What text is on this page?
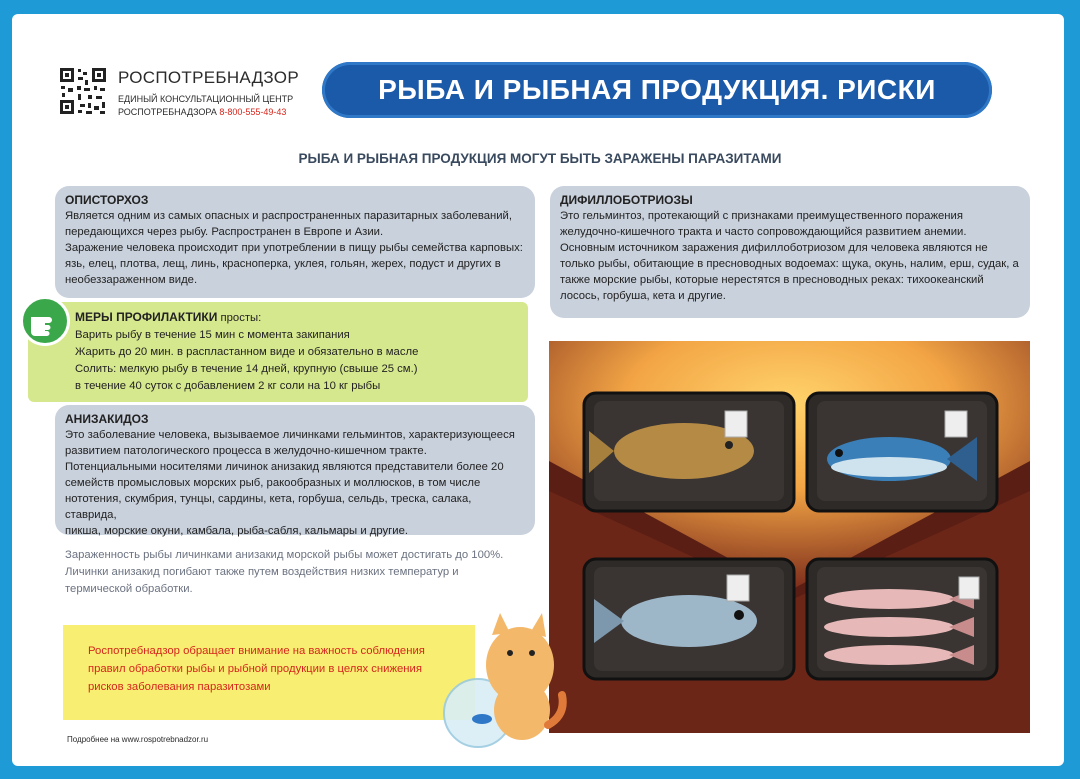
РОСПОТРЕБНАДЗОР
ЕДИНЫЙ КОНСУЛЬТАЦИОННЫЙ ЦЕНТР
РОСПОТРЕБНАДЗОРА 8-800-555-49-43
РЫБА И РЫБНАЯ ПРОДУКЦИЯ. РИСКИ
РЫБА И РЫБНАЯ ПРОДУКЦИЯ МОГУТ БЫТЬ ЗАРАЖЕНЫ ПАРАЗИТАМИ
ОПИСТОРХОЗ

Является одним из самых опасных и распространенных паразитарных заболеваний,

передающихся через рыбу. Распространен в Европе и Азии.

Заражение человека происходит при употреблении в пищу рыбы семейства карповых:

язь, елец, плотва, лещ, линь, красноперка, уклея, гольян, жерех, подуст и других в

необеззараженном виде.

МЕРЫ ПРОФИЛАКТИКИ просты:
Варить рыбу в течение 15 мин с момента закипания
Жарить до 20 мин. в распластанном виде и обязательно в масле
Солить: мелкую рыбу в течение 14 дней, крупную (свыше 25 см.)
в течение 40 суток с добавлением 2 кг соли на 10 кг рыбы
АНИЗАКИДОЗ

Это заболевание человека, вызываемое личинками гельминтов, характеризующееся

развитием патологического процесса в желудочно-кишечном тракте.

Потенциальными носителями личинок анизакид являются представители более 20

семейств промысловых морских рыб, ракообразных и моллюсков, в том числе

нототения, скумбрия, тунцы, сардины, кета, горбуша, сельдь, треска, салака, ставрида,

пикша, морские окуни, камбала, рыба-сабля, кальмары и другие.

ДИФИЛЛОБОТРИОЗЫ

Это гельминтоз, протекающий с признаками преимущественного поражения

желудочно-кишечного тракта и часто сопровождающийся развитием анемии.

Основным источником заражения дифиллоботриозом для человека являются не

только рыбы, обитающие в пресноводных водоемах: щука, окунь, налим, ерш, судак, а

также морские рыбы, которые нерестятся в пресноводных реках: тихоокеанский

лосось, горбуша, кета и другие.

Зараженность рыбы личинками анизакид морской рыбы может достигать до 100%.
Личинки анизакид погибают также путем воздействия низких температур и
термической обработки.
Роспотребнадзор обращает внимание на важность соблюдения
правил обработки рыбы и рыбной продукции в целях снижения
рисков заболевания паразитозами
Подробнее на www.rospotrebnadzor.ru
